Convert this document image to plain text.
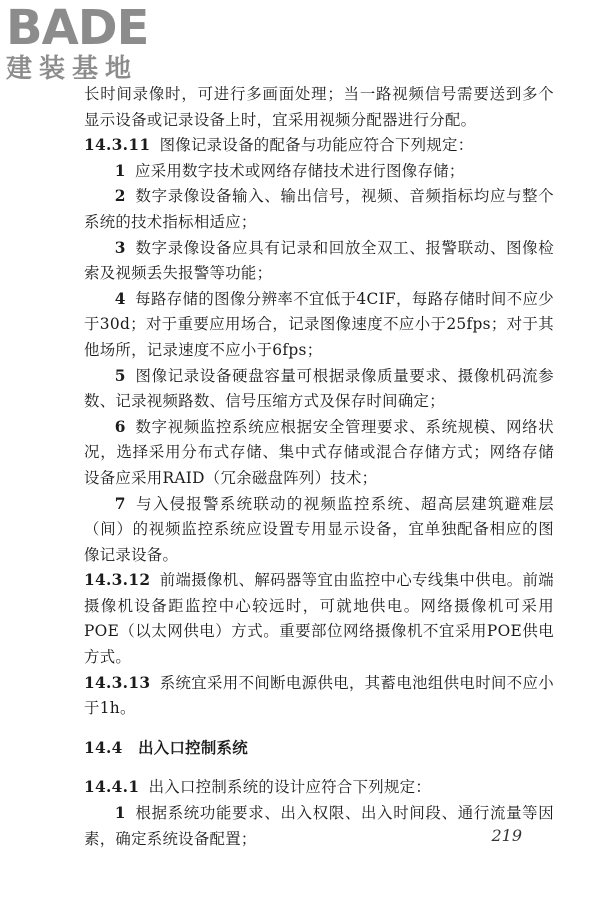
BADE
建装基地

长时间录像时，可进行多画面处理；当一路视频信号需要送到多个显示设备或记录设备上时，宜采用视频分配器进行分配。

14.3.11 图像记录设备的配备与功能应符合下列规定：

1 应采用数字技术或网络存储技术进行图像存储；

2 数字录像设备输入、输出信号，视频、音频指标均应与整个系统的技术指标相适应；

3 数字录像设备应具有记录和回放全双工、报警联动、图像检索及视频丢失报警等功能；

4 每路存储的图像分辨率不宜低于4CIF，每路存储时间不应少于30d；对于重要应用场合，记录图像速度不应小于25fps；对于其他场所，记录速度不应小于6fps；

5 图像记录设备硬盘容量可根据录像质量要求、摄像机码流参数、记录视频路数、信号压缩方式及保存时间确定；

6 数字视频监控系统应根据安全管理要求、系统规模、网络状况，选择采用分布式存储、集中式存储或混合存储方式；网络存储设备应采用RAID（冗余磁盘阵列）技术；

7 与入侵报警系统联动的视频监控系统、超高层建筑避难层（间）的视频监控系统应设置专用显示设备，宜单独配备相应的图像记录设备。

14.3.12 前端摄像机、解码器等宜由监控中心专线集中供电。前端摄像机设备距监控中心较远时，可就地供电。网络摄像机可采用POE（以太网供电）方式。重要部位网络摄像机不宜采用POE供电方式。

14.3.13 系统宜采用不间断电源供电，其蓄电池组供电时间不应小于1h。

14.4 出入口控制系统

14.4.1 出入口控制系统的设计应符合下列规定：

1 根据系统功能要求、出入权限、出入时间段、通行流量等因素，确定系统设备配置；	219
